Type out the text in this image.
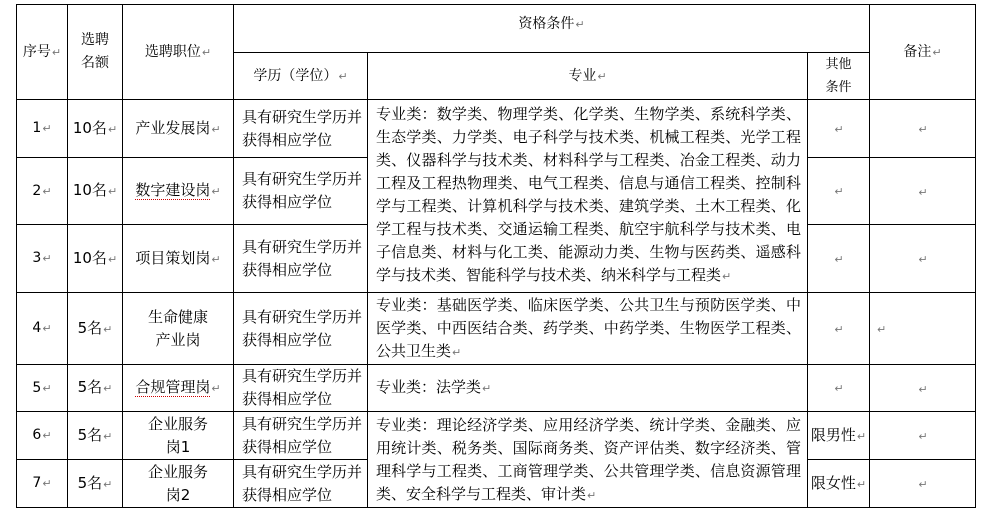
序号↵	选聘名额	选聘职位↵	资格条件↵			备注↵
			学历（学位）↵	专业↵	其他条件	

1↵	10名↵	产业发展岗↵	具有研究生学历并获得相应学位	专业类：数学类、物理学类、化学类、生物学类、系统科学类、生态学类、力学类、电子科学与技术类、机械工程类、光学工程类、仪器科学与技术类、材料科学与工程类、冶金工程类、动力工程及工程热物理类、电气工程类、信息与通信工程类、控制科学与工程类、计算机科学与技术类、建筑学类、土木工程类、化学工程与技术类、交通运输工程类、航空宇航科学与技术类、电子信息类、材料与化工类、能源动力类、生物与医药类、遥感科学与技术类、智能科学与技术类、纳米科学与工程类↵	↵	↵
2↵	10名↵	数字建设岗↵	具有研究生学历并获得相应学位		↵	↵
3↵	10名↵	项目策划岗↵	具有研究生学历并获得相应学位		↵	↵
4↵	5名↵	生命健康产业岗	具有研究生学历并获得相应学位	专业类：基础医学类、临床医学类、公共卫生与预防医学类、中医学类、中西医结合类、药学类、中药学类、生物医学工程类、公共卫生类↵	↵	↵
5↵	5名↵	合规管理岗↵	具有研究生学历并获得相应学位	专业类：法学类↵	↵	↵
6↵	5名↵	企业服务岗1	具有研究生学历并获得相应学位	专业类：理论经济学类、应用经济学类、统计学类、金融类、应用统计类、税务类、国际商务类、资产评估类、数字经济类、管理科学与工程类、工商管理学类、公共管理学类、信息资源管理类、安全科学与工程类、审计类↵	限男性↵	↵
7↵	5名↵	企业服务岗2	具有研究生学历并获得相应学位		限女性↵	↵
